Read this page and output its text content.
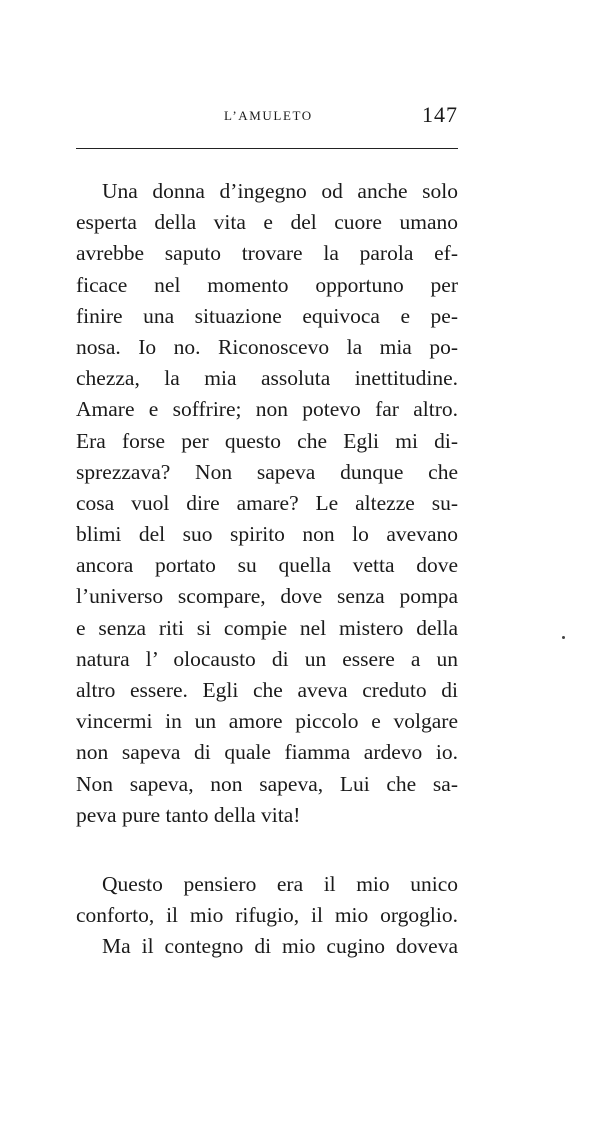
L’AMULETO	147
Una donna d’ingegno od anche solo
esperta della vita e del cuore umano
avrebbe saputo trovare la parola ef-
ficace nel momento opportuno per
finire una situazione equivoca e pe-
nosa. Io no. Riconoscevo la mia po-
chezza, la mia assoluta inettitudine.
Amare e soffrire; non potevo far altro.
Era forse per questo che Egli mi di-
sprezzava? Non sapeva dunque che
cosa vuol dire amare? Le altezze su-
blimi del suo spirito non lo avevano
ancora portato su quella vetta dove
l’universo scompare, dove senza pompa
e senza riti si compie nel mistero della
natura l’ olocausto di un essere a un
altro essere. Egli che aveva creduto di
vincermi in un amore piccolo e volgare
non sapeva di quale fiamma ardevo io.
Non sapeva, non sapeva, Lui che sa-
peva pure tanto della vita!
Questo pensiero era il mio unico
conforto, il mio rifugio, il mio orgoglio.
Ma il contegno di mio cugino doveva
